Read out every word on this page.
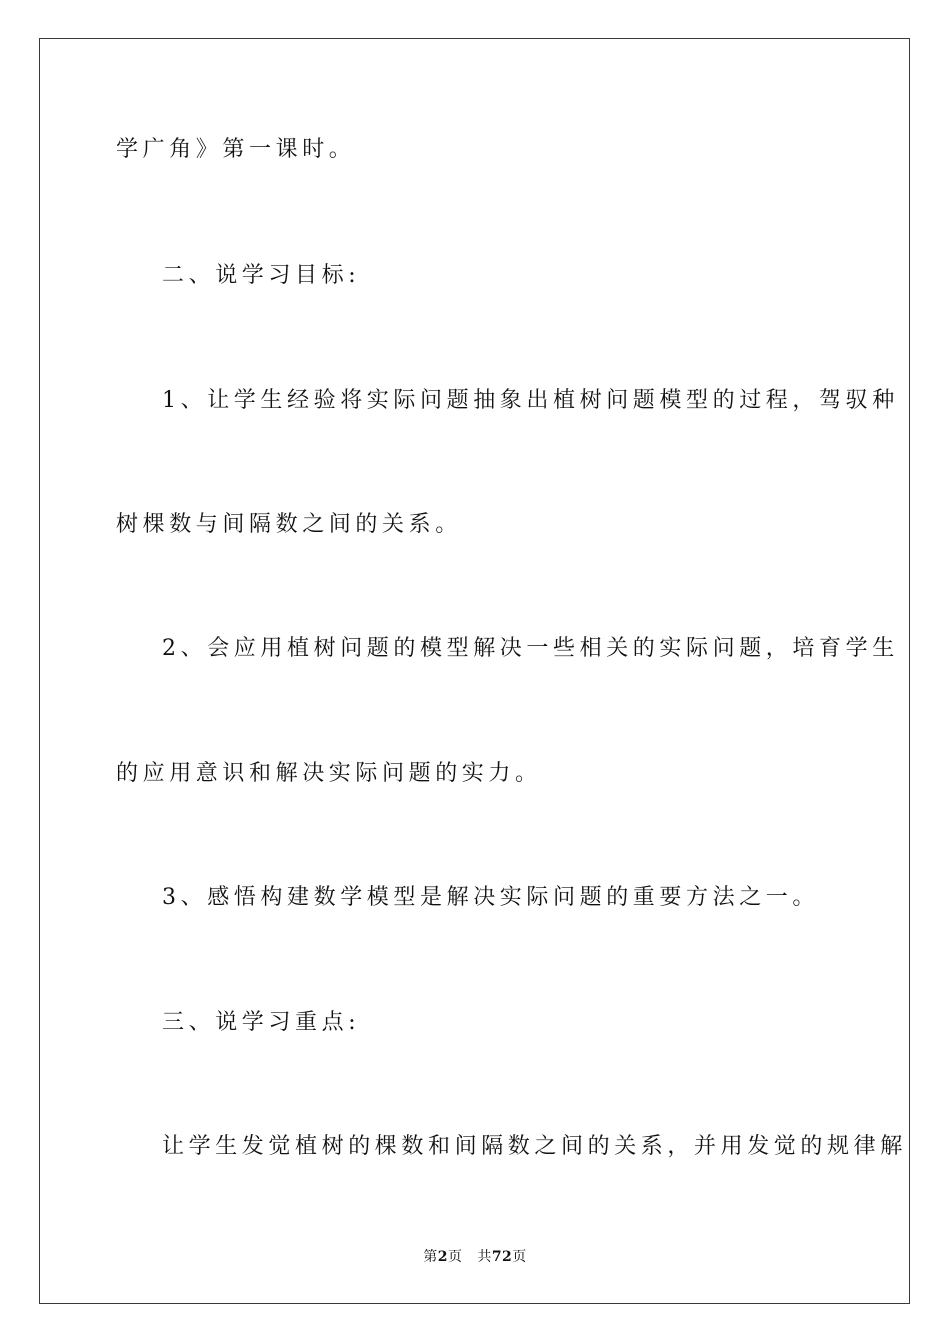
学广角》第一课时。
二、说学习目标:
1、让学生经验将实际问题抽象出植树问题模型的过程，驾驭种
树棵数与间隔数之间的关系。
2、会应用植树问题的模型解决一些相关的实际问题，培育学生
的应用意识和解决实际问题的实力。
3、感悟构建数学模型是解决实际问题的重要方法之一。
三、说学习重点:
让学生发觉植树的棵数和间隔数之间的关系，并用发觉的规律解
第2页 共72页
